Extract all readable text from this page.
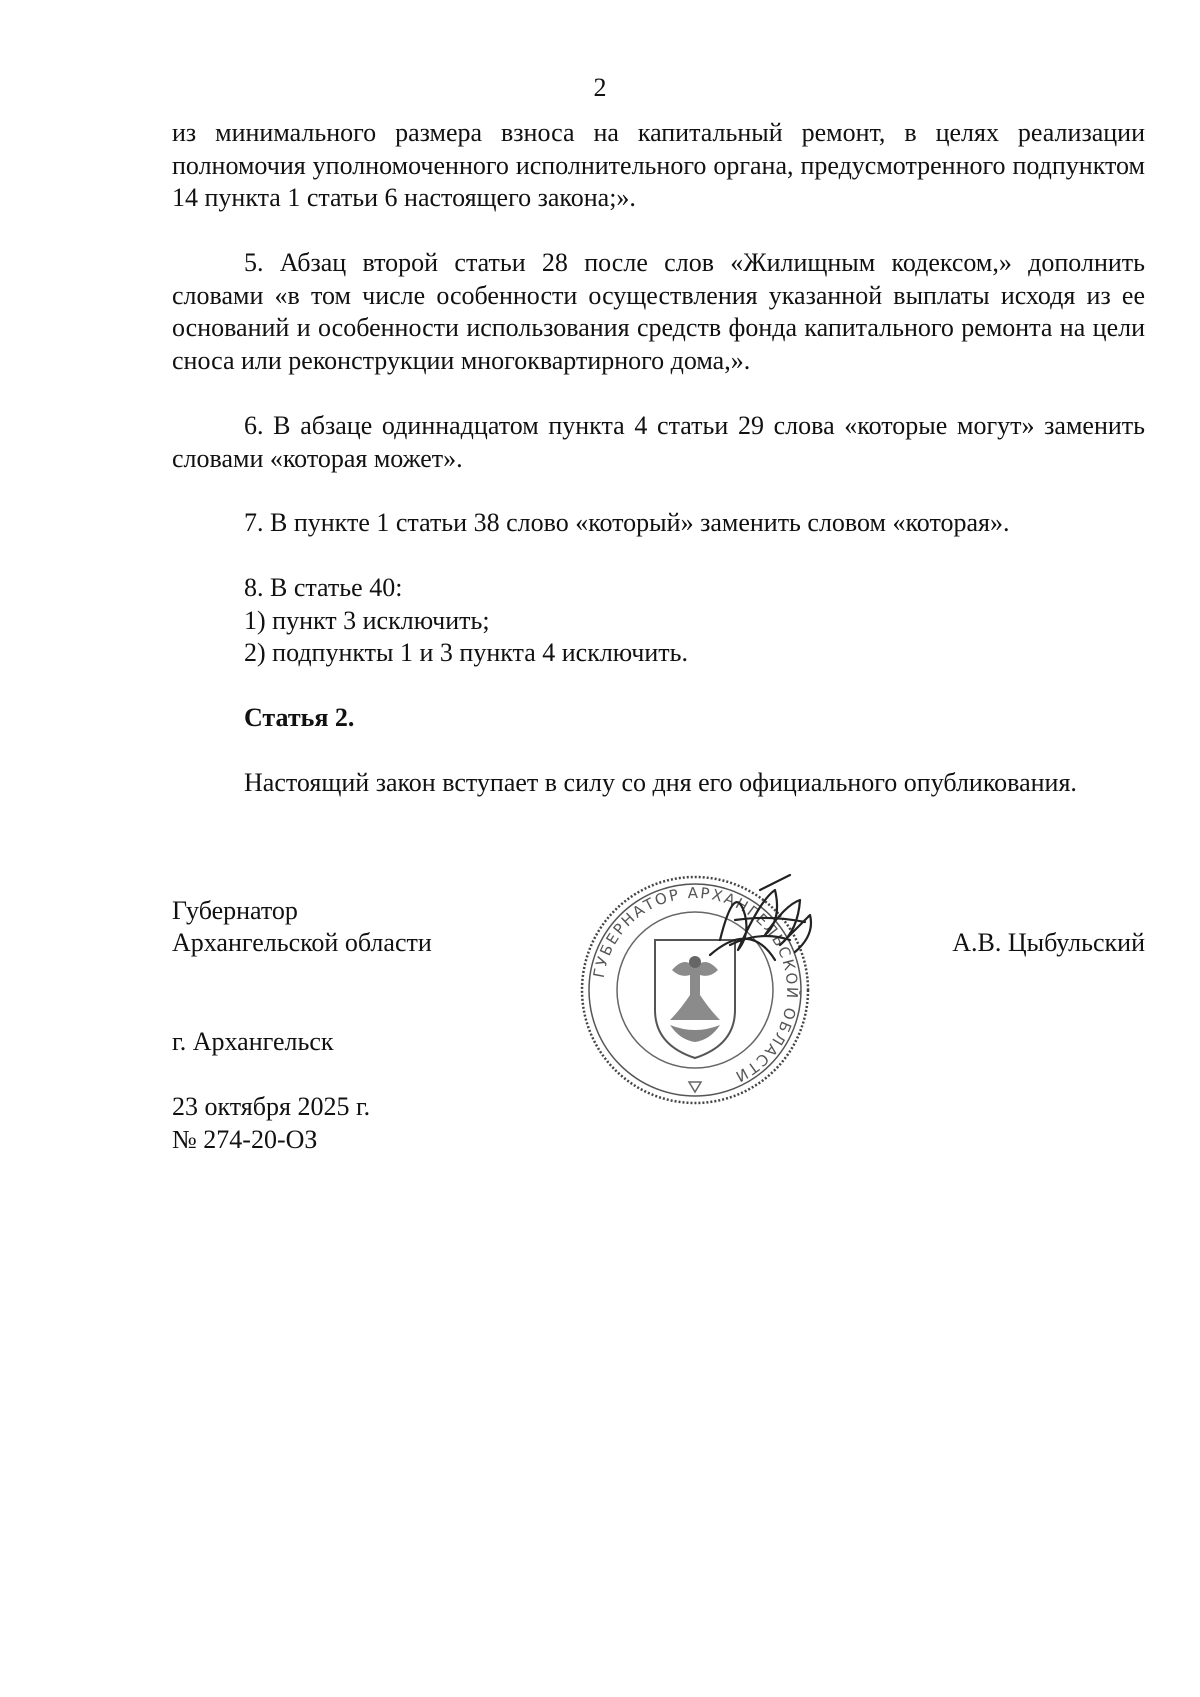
2
из минимального размера взноса на капитальный ремонт, в целях реализации полномочия уполномоченного исполнительного органа, предусмотренного подпунктом 14 пункта 1 статьи 6 настоящего закона;».
5. Абзац второй статьи 28 после слов «Жилищным кодексом,» дополнить словами «в том числе особенности осуществления указанной выплаты исходя из ее оснований и особенности использования средств фонда капитального ремонта на цели сноса или реконструкции многоквартирного дома,».
6. В абзаце одиннадцатом пункта 4 статьи 29 слова «которые могут» заменить словами «которая может».
7. В пункте 1 статьи 38 слово «который» заменить словом «которая».
8. В статье 40:
1) пункт 3 исключить;
2) подпункты 1 и 3 пункта 4 исключить.
Статья 2.
Настоящий закон вступает в силу со дня его официального опубликования.
Губернатор
Архангельской области	А.В. Цыбульский
ГУБЕРНАТОР АРХАНГЕЛЬСКОЙ ОБЛАСТИ
г. Архангельск
23 октября 2025 г.
№ 274-20-ОЗ
